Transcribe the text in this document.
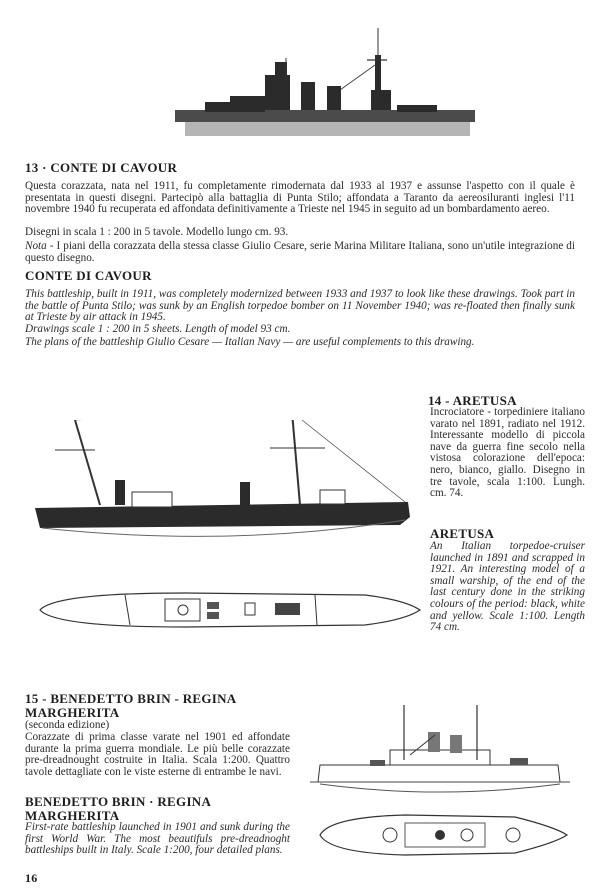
13 · CONTE DI CAVOUR
Questa corazzata, nata nel 1911, fu completamente rimodernata dal 1933 al 1937 e assunse l'aspetto con il quale è presentata in questi disegni. Partecipò alla battaglia di Punta Stilo; affondata a Taranto da aereosiluranti inglesi l'11 novembre 1940 fu recuperata ed affondata definitivamente a Trieste nel 1945 in seguito ad un bombardamento aereo.
Disegni in scala 1 : 200 in 5 tavole. Modello lungo cm. 93.
Nota - I piani della corazzata della stessa classe Giulio Cesare, serie Marina Militare Italiana, sono un'utile integrazione di questo disegno.
CONTE DI CAVOUR
This battleship, built in 1911, was completely modernized between 1933 and 1937 to look like these drawings. Took part in the battle of Punta Stilo; was sunk by an English torpedoe bomber on 11 November 1940; was re-floated then finally sunk at Trieste by air attack in 1945.
Drawings scale 1 : 200 in 5 sheets. Length of model 93 cm.
The plans of the battleship Giulio Cesare — Italian Navy — are useful complements to this drawing.
14 - ARETUSA
Incrociatore - torpediniere italiano varato nel 1891, radiato nel 1912. Interessante modello di piccola nave da guerra fine secolo nella vistosa colorazione dell'epoca: nero, bianco, giallo. Disegno in tre tavole, scala 1:100. Lungh. cm. 74.
ARETUSA
An Italian torpedoe-cruiser launched in 1891 and scrapped in 1921. An interesting model of a small warship, of the end of the last century done in the striking colours of the period: black, white and yellow. Scale 1:100. Length 74 cm.
15 - BENEDETTO BRIN - REGINA MARGHERITA
(seconda edizione)
Corazzate di prima classe varate nel 1901 ed affondate durante la prima guerra mondiale. Le più belle corazzate pre-dreadnought costruite in Italia. Scala 1:200. Quattro tavole dettagliate con le viste esterne di entrambe le navi.
BENEDETTO BRIN · REGINA MARGHERITA
First-rate battleship launched in 1901 and sunk during the first World War. The most beautifuls pre-dreadnoght battleships built in Italy. Scale 1:200, four detailed plans.
16
